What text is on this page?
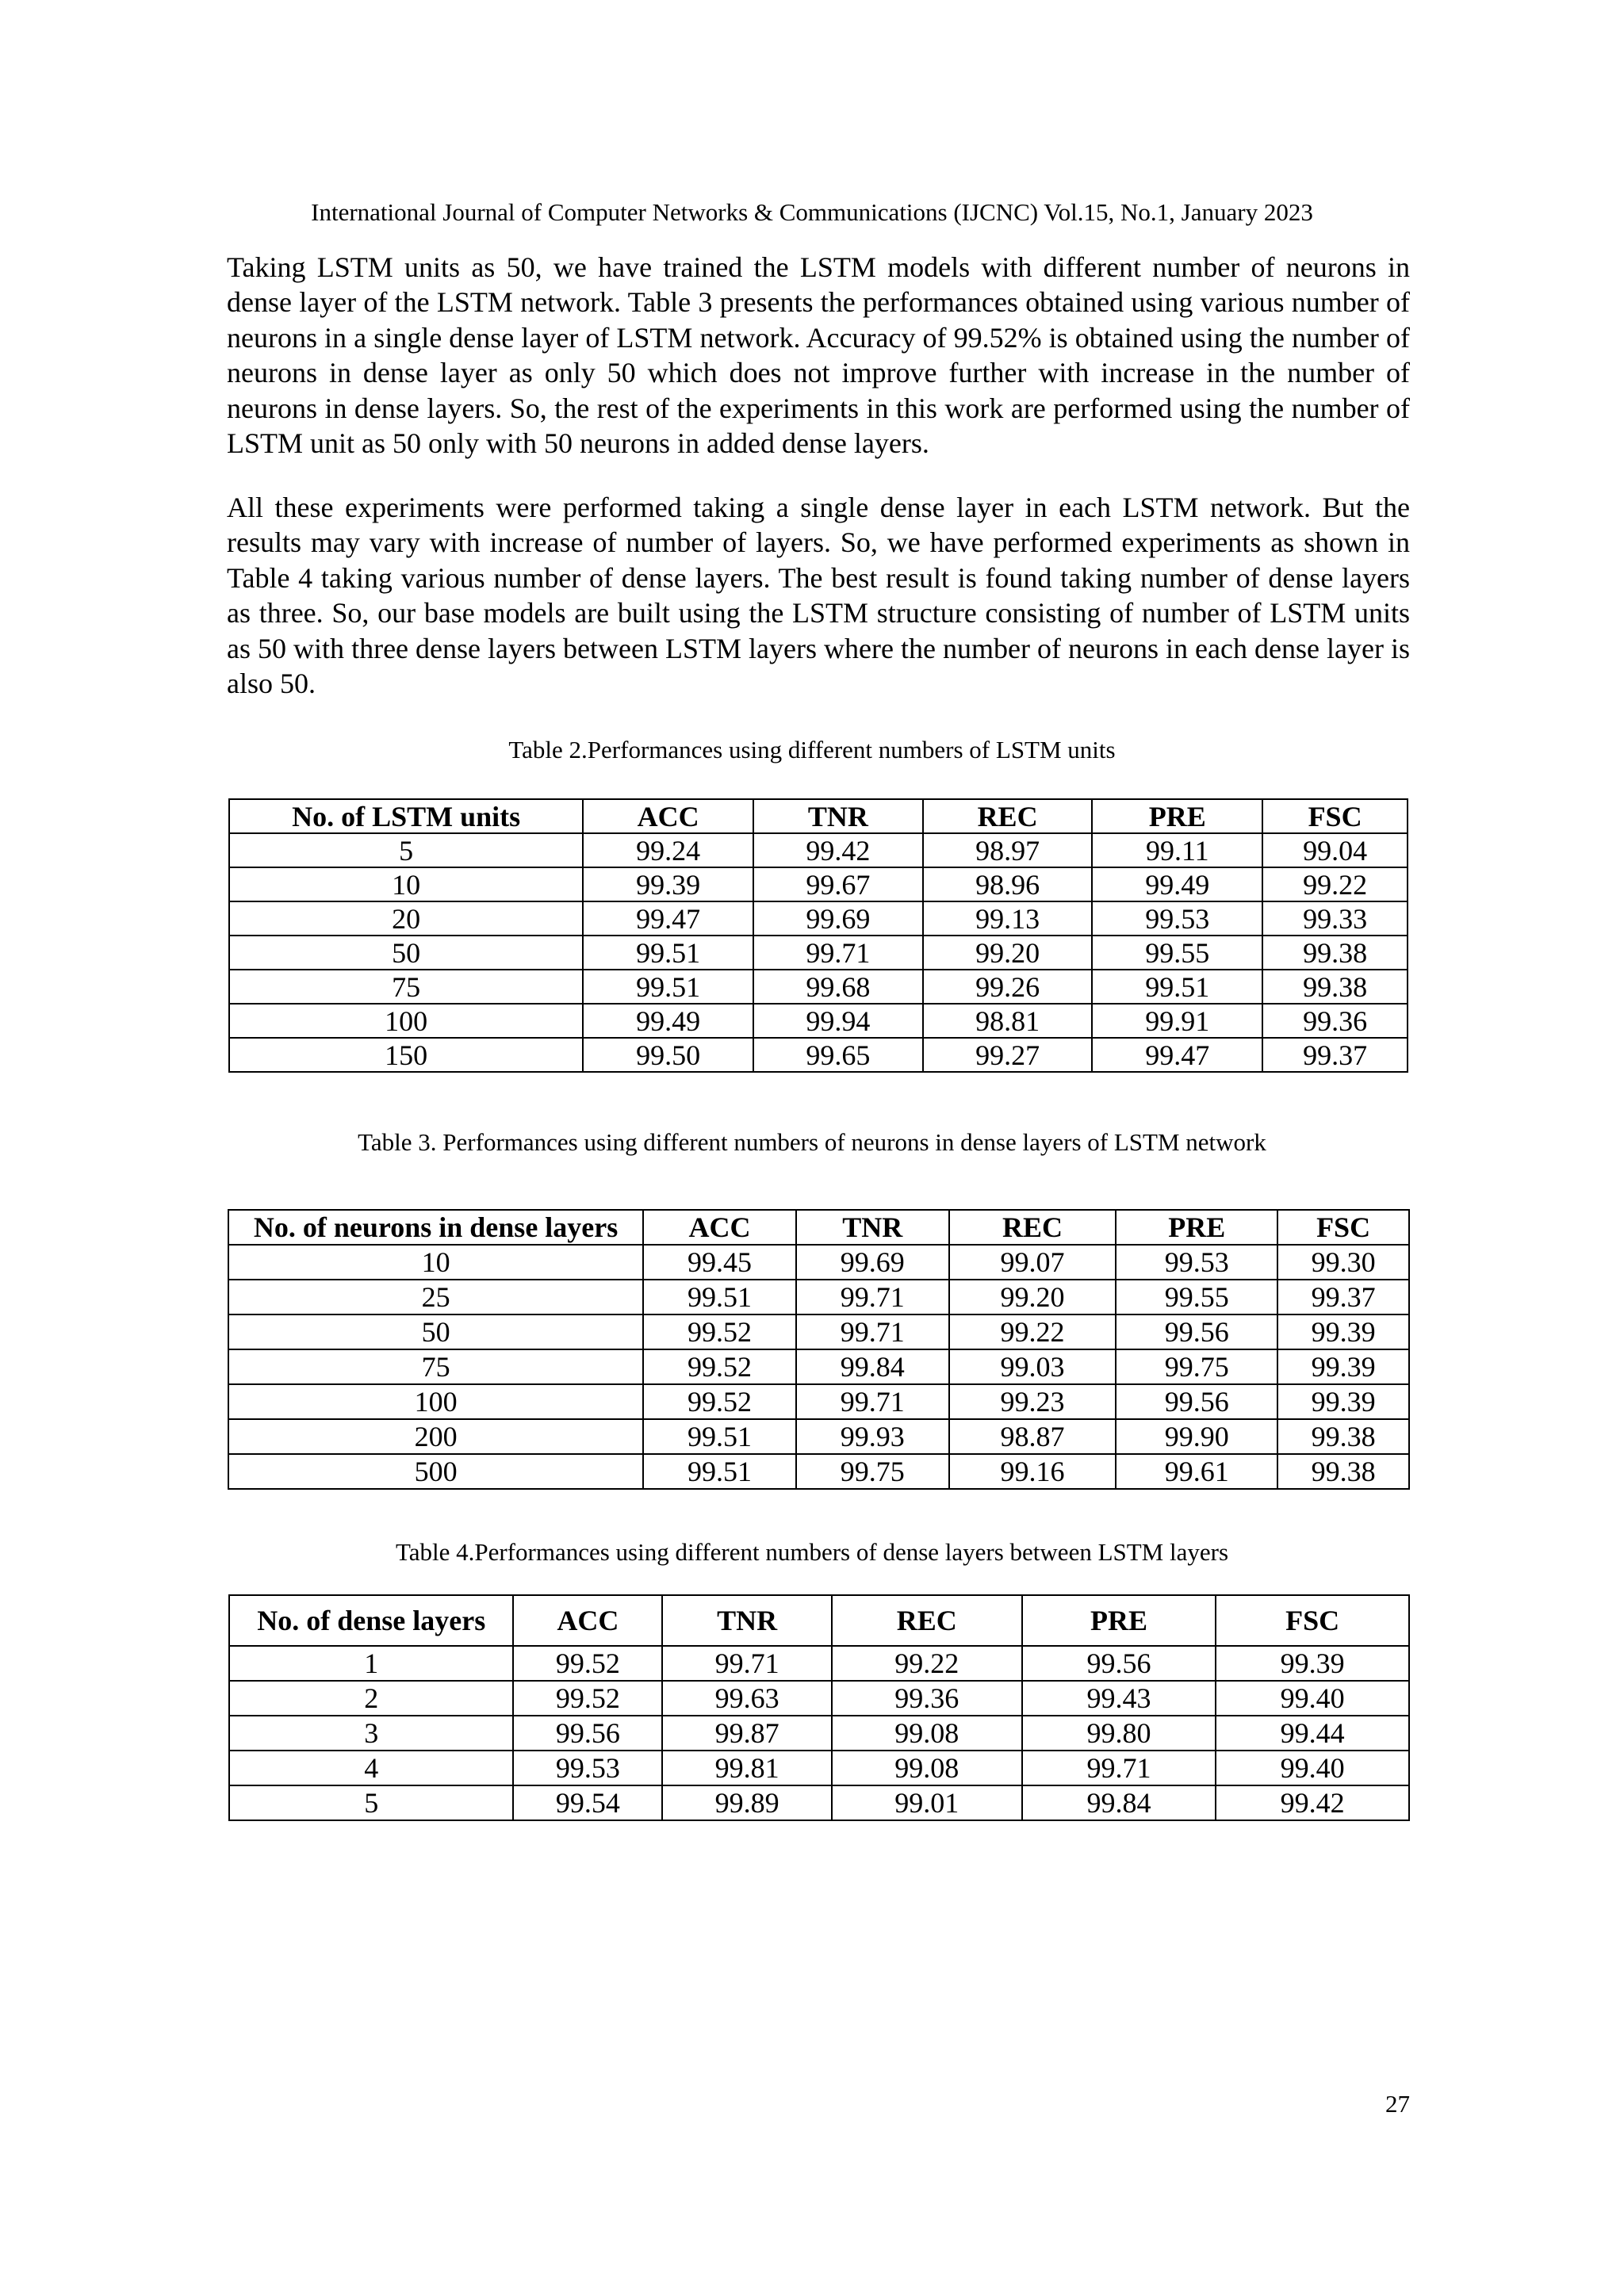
International Journal of Computer Networks & Communications (IJCNC) Vol.15, No.1, January 2023

Taking LSTM units as 50, we have trained the LSTM models with different number of neurons in dense layer of the LSTM network. Table 3 presents the performances obtained using various number of neurons in a single dense layer of LSTM network. Accuracy of 99.52% is obtained using the number of neurons in dense layer as only 50 which does not improve further with increase in the number of neurons in dense layers. So, the rest of the experiments in this work are performed using the number of LSTM unit as 50 only with 50 neurons in added dense layers.

All these experiments were performed taking a single dense layer in each LSTM network. But the results may vary with increase of number of layers. So, we have performed experiments as shown in Table 4 taking various number of dense layers. The best result is found taking number of dense layers as three. So, our base models are built using the LSTM structure consisting of number of LSTM units as 50 with three dense layers between LSTM layers where the number of neurons in each dense layer is also 50.

Table 2.Performances using different numbers of LSTM units
No. of LSTM units	ACC	TNR	REC	PRE	FSC
5	99.24	99.42	98.97	99.11	99.04
10	99.39	99.67	98.96	99.49	99.22
20	99.47	99.69	99.13	99.53	99.33
50	99.51	99.71	99.20	99.55	99.38
75	99.51	99.68	99.26	99.51	99.38
100	99.49	99.94	98.81	99.91	99.36
150	99.50	99.65	99.27	99.47	99.37
Table 3. Performances using different numbers of neurons in dense layers of LSTM network
No. of neurons in dense layers	ACC	TNR	REC	PRE	FSC
10	99.45	99.69	99.07	99.53	99.30
25	99.51	99.71	99.20	99.55	99.37
50	99.52	99.71	99.22	99.56	99.39
75	99.52	99.84	99.03	99.75	99.39
100	99.52	99.71	99.23	99.56	99.39
200	99.51	99.93	98.87	99.90	99.38
500	99.51	99.75	99.16	99.61	99.38
Table 4.Performances using different numbers of dense layers between LSTM layers
No. of dense layers	ACC	TNR	REC	PRE	FSC
1	99.52	99.71	99.22	99.56	99.39
2	99.52	99.63	99.36	99.43	99.40
3	99.56	99.87	99.08	99.80	99.44
4	99.53	99.81	99.08	99.71	99.40
5	99.54	99.89	99.01	99.84	99.42
27
